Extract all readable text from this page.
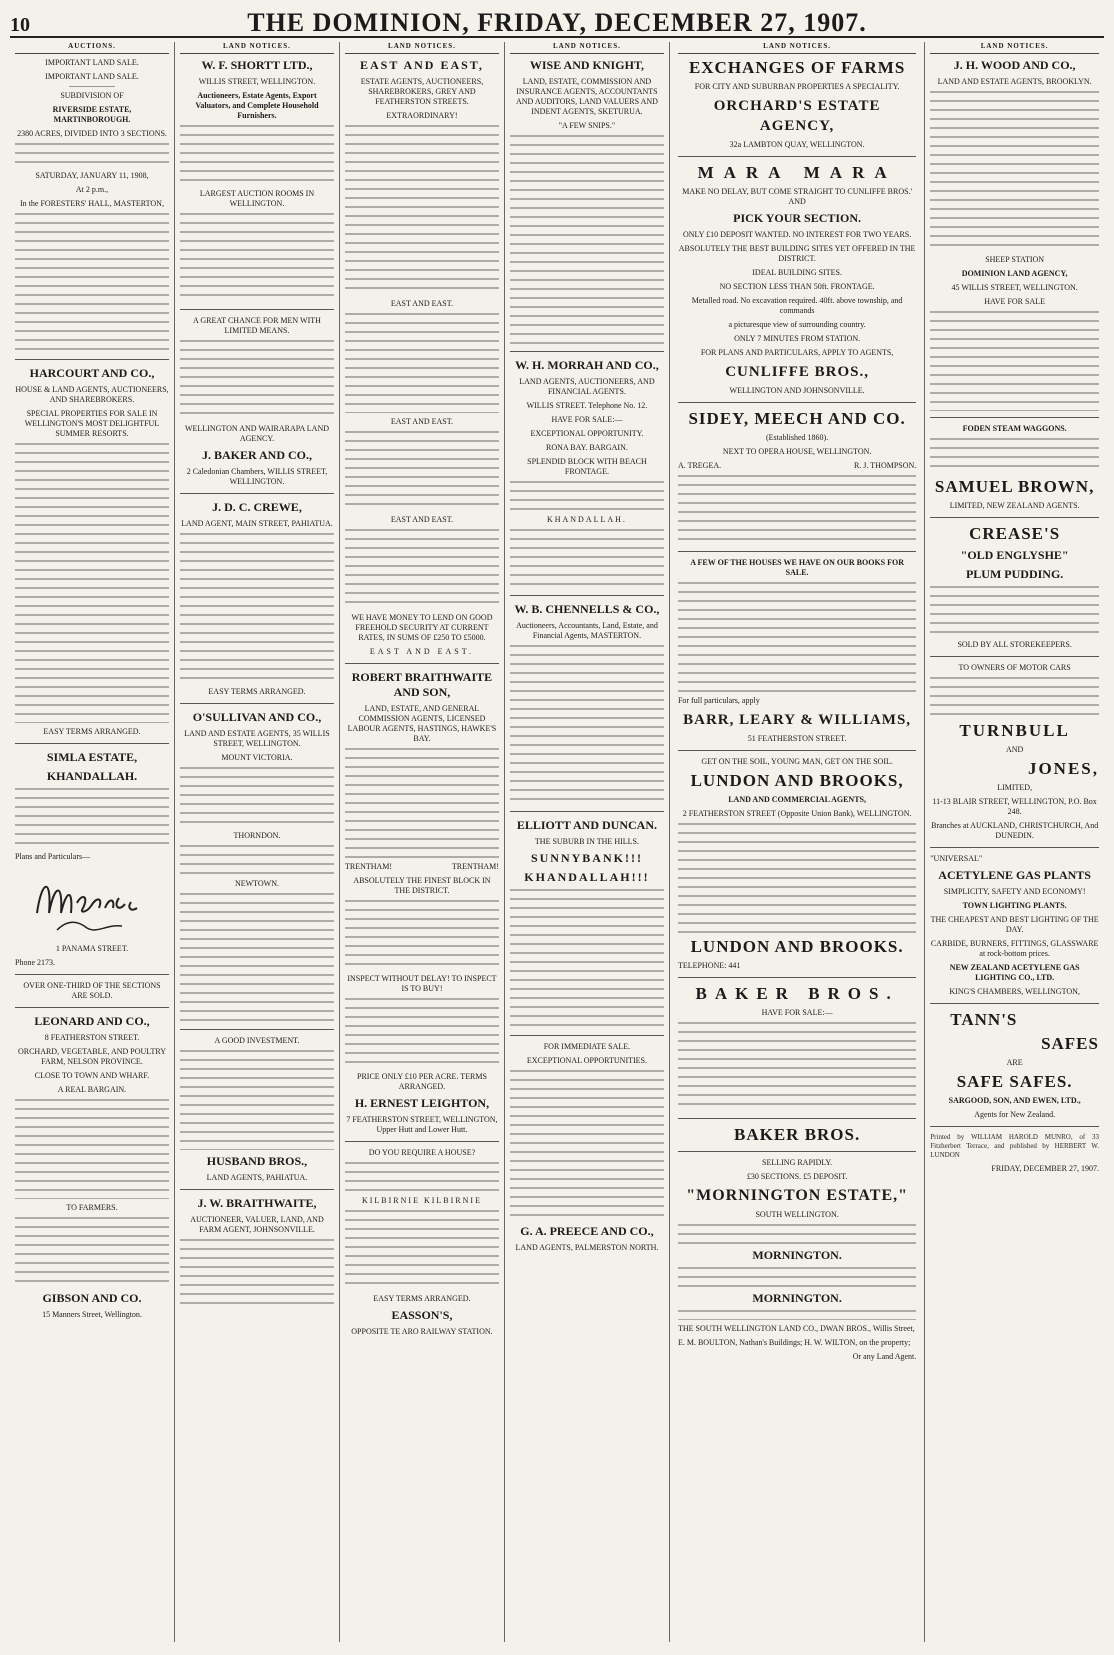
10	THE DOMINION, FRIDAY, DECEMBER 27, 1907.
AUCTIONS.
IMPORTANT LAND SALE.
IMPORTANT LAND SALE.
SUBDIVISION OF
RIVERSIDE ESTATE, MARTINBOROUGH.
2380 ACRES, DIVIDED INTO 3 SECTIONS.
SATURDAY, JANUARY 11, 1908,
At 2 p.m.,
In the FORESTERS' HALL, MASTERTON,
HARCOURT AND CO.,
HOUSE & LAND AGENTS, AUCTIONEERS, AND SHAREBROKERS.
SPECIAL PROPERTIES FOR SALE IN WELLINGTON'S MOST DELIGHTFUL SUMMER RESORTS.
EASY TERMS ARRANGED.
SIMLA ESTATE,
KHANDALLAH.
Plans and Particulars—
1 PANAMA STREET.
Phone 2173.
OVER ONE-THIRD OF THE SECTIONS ARE SOLD.
LEONARD AND CO.,
8 FEATHERSTON STREET.
ORCHARD, VEGETABLE, AND POULTRY FARM, NELSON PROVINCE.
CLOSE TO TOWN AND WHARF.
A REAL BARGAIN.
TO FARMERS.
GIBSON AND CO.
15 Manners Street, Wellington.
LAND NOTICES.
W. F. SHORTT LTD.,
WILLIS STREET, WELLINGTON.
Auctioneers, Estate Agents, Export Valuators, and Complete Household Furnishers.
LARGEST AUCTION ROOMS IN WELLINGTON.
A GREAT CHANCE FOR MEN WITH LIMITED MEANS.
WELLINGTON AND WAIRARAPA LAND AGENCY.
J. BAKER AND CO.,
2 Caledonian Chambers, WILLIS STREET, WELLINGTON.
J. D. C. CREWE,
LAND AGENT, MAIN STREET, PAHIATUA.
EASY TERMS ARRANGED.
O'SULLIVAN AND CO.,
LAND AND ESTATE AGENTS, 35 WILLIS STREET, WELLINGTON.
MOUNT VICTORIA.
THORNDON.
NEWTOWN.
A GOOD INVESTMENT.
HUSBAND BROS.,
LAND AGENTS, PAHIATUA.
J. W. BRAITHWAITE,
AUCTIONEER, VALUER, LAND, AND FARM AGENT, JOHNSONVILLE.
LAND NOTICES.
EAST AND EAST,
ESTATE AGENTS, AUCTIONEERS, SHAREBROKERS, GREY AND FEATHERSTON STREETS.
EXTRAORDINARY!
EAST AND EAST.
EAST AND EAST.
EAST AND EAST.
WE HAVE MONEY TO LEND ON GOOD FREEHOLD SECURITY AT CURRENT RATES, IN SUMS OF £250 TO £5000.
EAST AND EAST.
ROBERT BRAITHWAITE AND SON,
LAND, ESTATE, AND GENERAL COMMISSION AGENTS, LICENSED LABOUR AGENTS, HASTINGS, HAWKE'S BAY.
TRENTHAM!	TRENTHAM!
ABSOLUTELY THE FINEST BLOCK IN THE DISTRICT.
INSPECT WITHOUT DELAY! TO INSPECT IS TO BUY!
PRICE ONLY £10 PER ACRE. TERMS ARRANGED.
H. ERNEST LEIGHTON,
7 FEATHERSTON STREET, WELLINGTON, Upper Hutt and Lower Hutt.
DO YOU REQUIRE A HOUSE?
KILBIRNIE KILBIRNIE
EASY TERMS ARRANGED.
EASSON'S,
OPPOSITE TE ARO RAILWAY STATION.
LAND NOTICES.
WISE AND KNIGHT,
LAND, ESTATE, COMMISSION AND INSURANCE AGENTS, ACCOUNTANTS AND AUDITORS, LAND VALUERS AND INDENT AGENTS, SKETURUA.
"A FEW SNIPS."
W. H. MORRAH AND CO.,
LAND AGENTS, AUCTIONEERS, AND FINANCIAL AGENTS.
WILLIS STREET. Telephone No. 12.
HAVE FOR SALE:—
EXCEPTIONAL OPPORTUNITY.
RONA BAY. BARGAIN.
SPLENDID BLOCK WITH BEACH FRONTAGE.
KHANDALLAH.
W. B. CHENNELLS & CO.,
Auctioneers, Accountants, Land, Estate, and Financial Agents, MASTERTON.
ELLIOTT AND DUNCAN.
THE SUBURB IN THE HILLS.
SUNNYBANK!!!
KHANDALLAH!!!
FOR IMMEDIATE SALE.
EXCEPTIONAL OPPORTUNITIES.
G. A. PREECE AND CO.,
LAND AGENTS, PALMERSTON NORTH.
LAND NOTICES.
EXCHANGES OF FARMS
FOR CITY AND SUBURBAN PROPERTIES A SPECIALITY.
ORCHARD'S ESTATE AGENCY,
32a LAMBTON QUAY, WELLINGTON.
MARA MARA
MAKE NO DELAY, BUT COME STRAIGHT TO CUNLIFFE BROS.' AND
PICK YOUR SECTION.
ONLY £10 DEPOSIT WANTED. NO INTEREST FOR TWO YEARS.
ABSOLUTELY THE BEST BUILDING SITES YET OFFERED IN THE DISTRICT.
IDEAL BUILDING SITES.
NO SECTION LESS THAN 50ft. FRONTAGE.
Metalled road. No excavation required. 40ft. above township, and commands
a picturesque view of surrounding country.
ONLY 7 MINUTES FROM STATION.
FOR PLANS AND PARTICULARS, APPLY TO AGENTS,
CUNLIFFE BROS.,
WELLINGTON AND JOHNSONVILLE.
SIDEY, MEECH AND CO.
(Established 1860).
NEXT TO OPERA HOUSE, WELLINGTON.
A. TREGEA.	R. J. THOMPSON.
A FEW OF THE HOUSES WE HAVE ON OUR BOOKS FOR SALE.
For full particulars, apply
BARR, LEARY & WILLIAMS,
51 FEATHERSTON STREET.
GET ON THE SOIL, YOUNG MAN, GET ON THE SOIL.
LUNDON AND BROOKS,
LAND AND COMMERCIAL AGENTS,
2 FEATHERSTON STREET (Opposite Union Bank), WELLINGTON.
LUNDON AND BROOKS.
TELEPHONE: 441
BAKER BROS.
HAVE FOR SALE:—
BAKER BROS.
SELLING RAPIDLY.
£30 SECTIONS. £5 DEPOSIT.
"MORNINGTON ESTATE,"
SOUTH WELLINGTON.
MORNINGTON.
MORNINGTON.
THE SOUTH WELLINGTON LAND CO., DWAN BROS., Willis Street,
E. M. BOULTON, Nathan's Buildings; H. W. WILTON, on the property;
Or any Land Agent.
LAND NOTICES.
J. H. WOOD AND CO.,
LAND AND ESTATE AGENTS, BROOKLYN.
SHEEP STATION
DOMINION LAND AGENCY,
45 WILLIS STREET, WELLINGTON.
HAVE FOR SALE
FODEN STEAM WAGGONS.
SAMUEL BROWN,
LIMITED, NEW ZEALAND AGENTS.
CREASE'S
"OLD ENGLYSHE"
PLUM PUDDING.
SOLD BY ALL STOREKEEPERS.
TO OWNERS OF MOTOR CARS
TURNBULL
AND
JONES,
LIMITED,
11-13 BLAIR STREET, WELLINGTON, P.O. Box 248.
Branches at AUCKLAND, CHRISTCHURCH, And DUNEDIN.
"UNIVERSAL"
ACETYLENE GAS PLANTS
SIMPLICITY, SAFETY AND ECONOMY!
TOWN LIGHTING PLANTS.
THE CHEAPEST AND BEST LIGHTING OF THE DAY.
CARBIDE, BURNERS, FITTINGS, GLASSWARE at rock-bottom prices.
NEW ZEALAND ACETYLENE GAS LIGHTING CO., LTD.
KING'S CHAMBERS, WELLINGTON,
TANN'S
SAFES
ARE
SAFE SAFES.
SARGOOD, SON, AND EWEN, LTD.,
Agents for New Zealand.
Printed by WILLIAM HAROLD MUNRO, of 33 Fitzherbert Terrace, and published by HERBERT W. LUNDON
FRIDAY, DECEMBER 27, 1907.
